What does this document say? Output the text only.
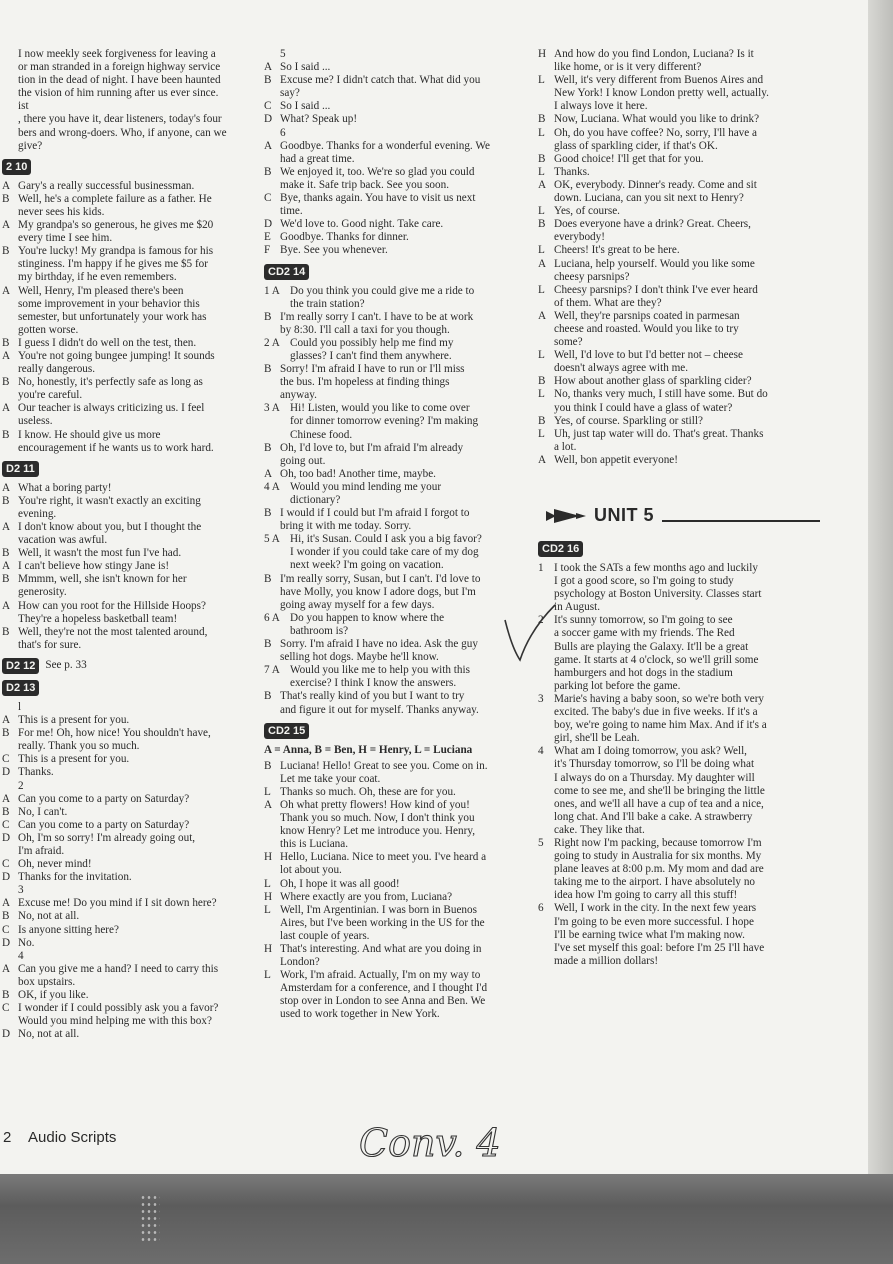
I now meekly seek forgiveness for leaving a
or man stranded in a foreign highway service
tion in the dead of night. I have been haunted
the vision of him running after us ever since.
ist
, there you have it, dear listeners, today's four
bers and wrong-doers. Who, if anyone, can we
give?
2 10
A Gary's a really successful businessman.
B Well, he's a complete failure as a father. He
never sees his kids.
A My grandpa's so generous, he gives me $20
every time I see him.
B You're lucky! My grandpa is famous for his
stinginess. I'm happy if he gives me $5 for
my birthday, if he even remembers.
A Well, Henry, I'm pleased there's been
some improvement in your behavior this
semester, but unfortunately your work has
gotten worse.
B I guess I didn't do well on the test, then.
A You're not going bungee jumping! It sounds
really dangerous.
B No, honestly, it's perfectly safe as long as
you're careful.
A Our teacher is always criticizing us. I feel
useless.
B I know. He should give us more
encouragement if he wants us to work hard.
D2 11
A What a boring party!
B You're right, it wasn't exactly an exciting
evening.
A I don't know about you, but I thought the
vacation was awful.
B Well, it wasn't the most fun I've had.
A I can't believe how stingy Jane is!
B Mmmm, well, she isn't known for her
generosity.
A How can you root for the Hillside Hoops?
They're a hopeless basketball team!
B Well, they're not the most talented around,
that's for sure.
D2 12 See p. 33
D2 13
l
A This is a present for you.
B For me! Oh, how nice! You shouldn't have,
really. Thank you so much.
C This is a present for you.
D Thanks.
2
A Can you come to a party on Saturday?
B No, I can't.
C Can you come to a party on Saturday?
D Oh, I'm so sorry! I'm already going out,
I'm afraid.
C Oh, never mind!
D Thanks for the invitation.
3
A Excuse me! Do you mind if I sit down here?
B No, not at all.
C Is anyone sitting here?
D No.
4
A Can you give me a hand? I need to carry this
box upstairs.
B OK, if you like.
C I wonder if I could possibly ask you a favor?
Would you mind helping me with this box?
D No, not at all.
5
A So I said ...
B Excuse me? I didn't catch that. What did you
say?
C So I said ...
D What? Speak up!
6
A Goodbye. Thanks for a wonderful evening. We
had a great time.
B We enjoyed it, too. We're so glad you could
make it. Safe trip back. See you soon.
C Bye, thanks again. You have to visit us next
time.
D We'd love to. Good night. Take care.
E Goodbye. Thanks for dinner.
F Bye. See you whenever.
CD2 14
1 A Do you think you could give me a ride to
the train station?
B I'm really sorry I can't. I have to be at work
by 8:30. I'll call a taxi for you though.
2 A Could you possibly help me find my
glasses? I can't find them anywhere.
B Sorry! I'm afraid I have to run or I'll miss
the bus. I'm hopeless at finding things
anyway.
3 A Hi! Listen, would you like to come over
for dinner tomorrow evening? I'm making
Chinese food.
B Oh, I'd love to, but I'm afraid I'm already
going out.
A Oh, too bad! Another time, maybe.
4 A Would you mind lending me your
dictionary?
B I would if I could but I'm afraid I forgot to
bring it with me today. Sorry.
5 A Hi, it's Susan. Could I ask you a big favor?
I wonder if you could take care of my dog
next week? I'm going on vacation.
B I'm really sorry, Susan, but I can't. I'd love to
have Molly, you know I adore dogs, but I'm
going away myself for a few days.
6 A Do you happen to know where the
bathroom is?
B Sorry. I'm afraid I have no idea. Ask the guy
selling hot dogs. Maybe he'll know.
7 A Would you like me to help you with this
exercise? I think I know the answers.
B That's really kind of you but I want to try
and figure it out for myself. Thanks anyway.
CD2 15
A = Anna, B = Ben, H = Henry, L = Luciana
B Luciana! Hello! Great to see you. Come on in.
Let me take your coat.
L Thanks so much. Oh, these are for you.
A Oh what pretty flowers! How kind of you!
Thank you so much. Now, I don't think you
know Henry? Let me introduce you. Henry,
this is Luciana.
H Hello, Luciana. Nice to meet you. I've heard a
lot about you.
L Oh, I hope it was all good!
H Where exactly are you from, Luciana?
L Well, I'm Argentinian. I was born in Buenos
Aires, but I've been working in the US for the
last couple of years.
H That's interesting. And what are you doing in
London?
L Work, I'm afraid. Actually, I'm on my way to
Amsterdam for a conference, and I thought I'd
stop over in London to see Anna and Ben. We
used to work together in New York.
H And how do you find London, Luciana? Is it
like home, or is it very different?
L Well, it's very different from Buenos Aires and
New York! I know London pretty well, actually.
I always love it here.
B Now, Luciana. What would you like to drink?
L Oh, do you have coffee? No, sorry, I'll have a
glass of sparkling cider, if that's OK.
B Good choice! I'll get that for you.
L Thanks.
A OK, everybody. Dinner's ready. Come and sit
down. Luciana, can you sit next to Henry?
L Yes, of course.
B Does everyone have a drink? Great. Cheers,
everybody!
L Cheers! It's great to be here.
A Luciana, help yourself. Would you like some
cheesy parsnips?
L Cheesy parsnips? I don't think I've ever heard
of them. What are they?
A Well, they're parsnips coated in parmesan
cheese and roasted. Would you like to try
some?
L Well, I'd love to but I'd better not – cheese
doesn't always agree with me.
B How about another glass of sparkling cider?
L No, thanks very much, I still have some. But do
you think I could have a glass of water?
B Yes, of course. Sparkling or still?
L Uh, just tap water will do. That's great. Thanks
a lot.
A Well, bon appetit everyone!
UNIT 5
CD2 16
1 I took the SATs a few months ago and luckily
I got a good score, so I'm going to study
psychology at Boston University. Classes start
in August.
2 It's sunny tomorrow, so I'm going to see
a soccer game with my friends. The Red
Bulls are playing the Galaxy. It'll be a great
game. It starts at 4 o'clock, so we'll grill some
hamburgers and hot dogs in the stadium
parking lot before the game.
3 Marie's having a baby soon, so we're both very
excited. The baby's due in five weeks. If it's a
boy, we're going to name him Max. And if it's a
girl, she'll be Leah.
4 What am I doing tomorrow, you ask? Well,
it's Thursday tomorrow, so I'll be doing what
I always do on a Thursday. My daughter will
come to see me, and she'll be bringing the little
ones, and we'll all have a cup of tea and a nice,
long chat. And I'll bake a cake. A strawberry
cake. They like that.
5 Right now I'm packing, because tomorrow I'm
going to study in Australia for six months. My
plane leaves at 8:00 p.m. My mom and dad are
taking me to the airport. I have absolutely no
idea how I'm going to carry all this stuff!
6 Well, I work in the city. In the next few years
I'm going to be even more successful. I hope
I'll be earning twice what I'm making now.
I've set myself this goal: before I'm 25 I'll have
made a million dollars!
2 Audio Scripts	Conv. 4
